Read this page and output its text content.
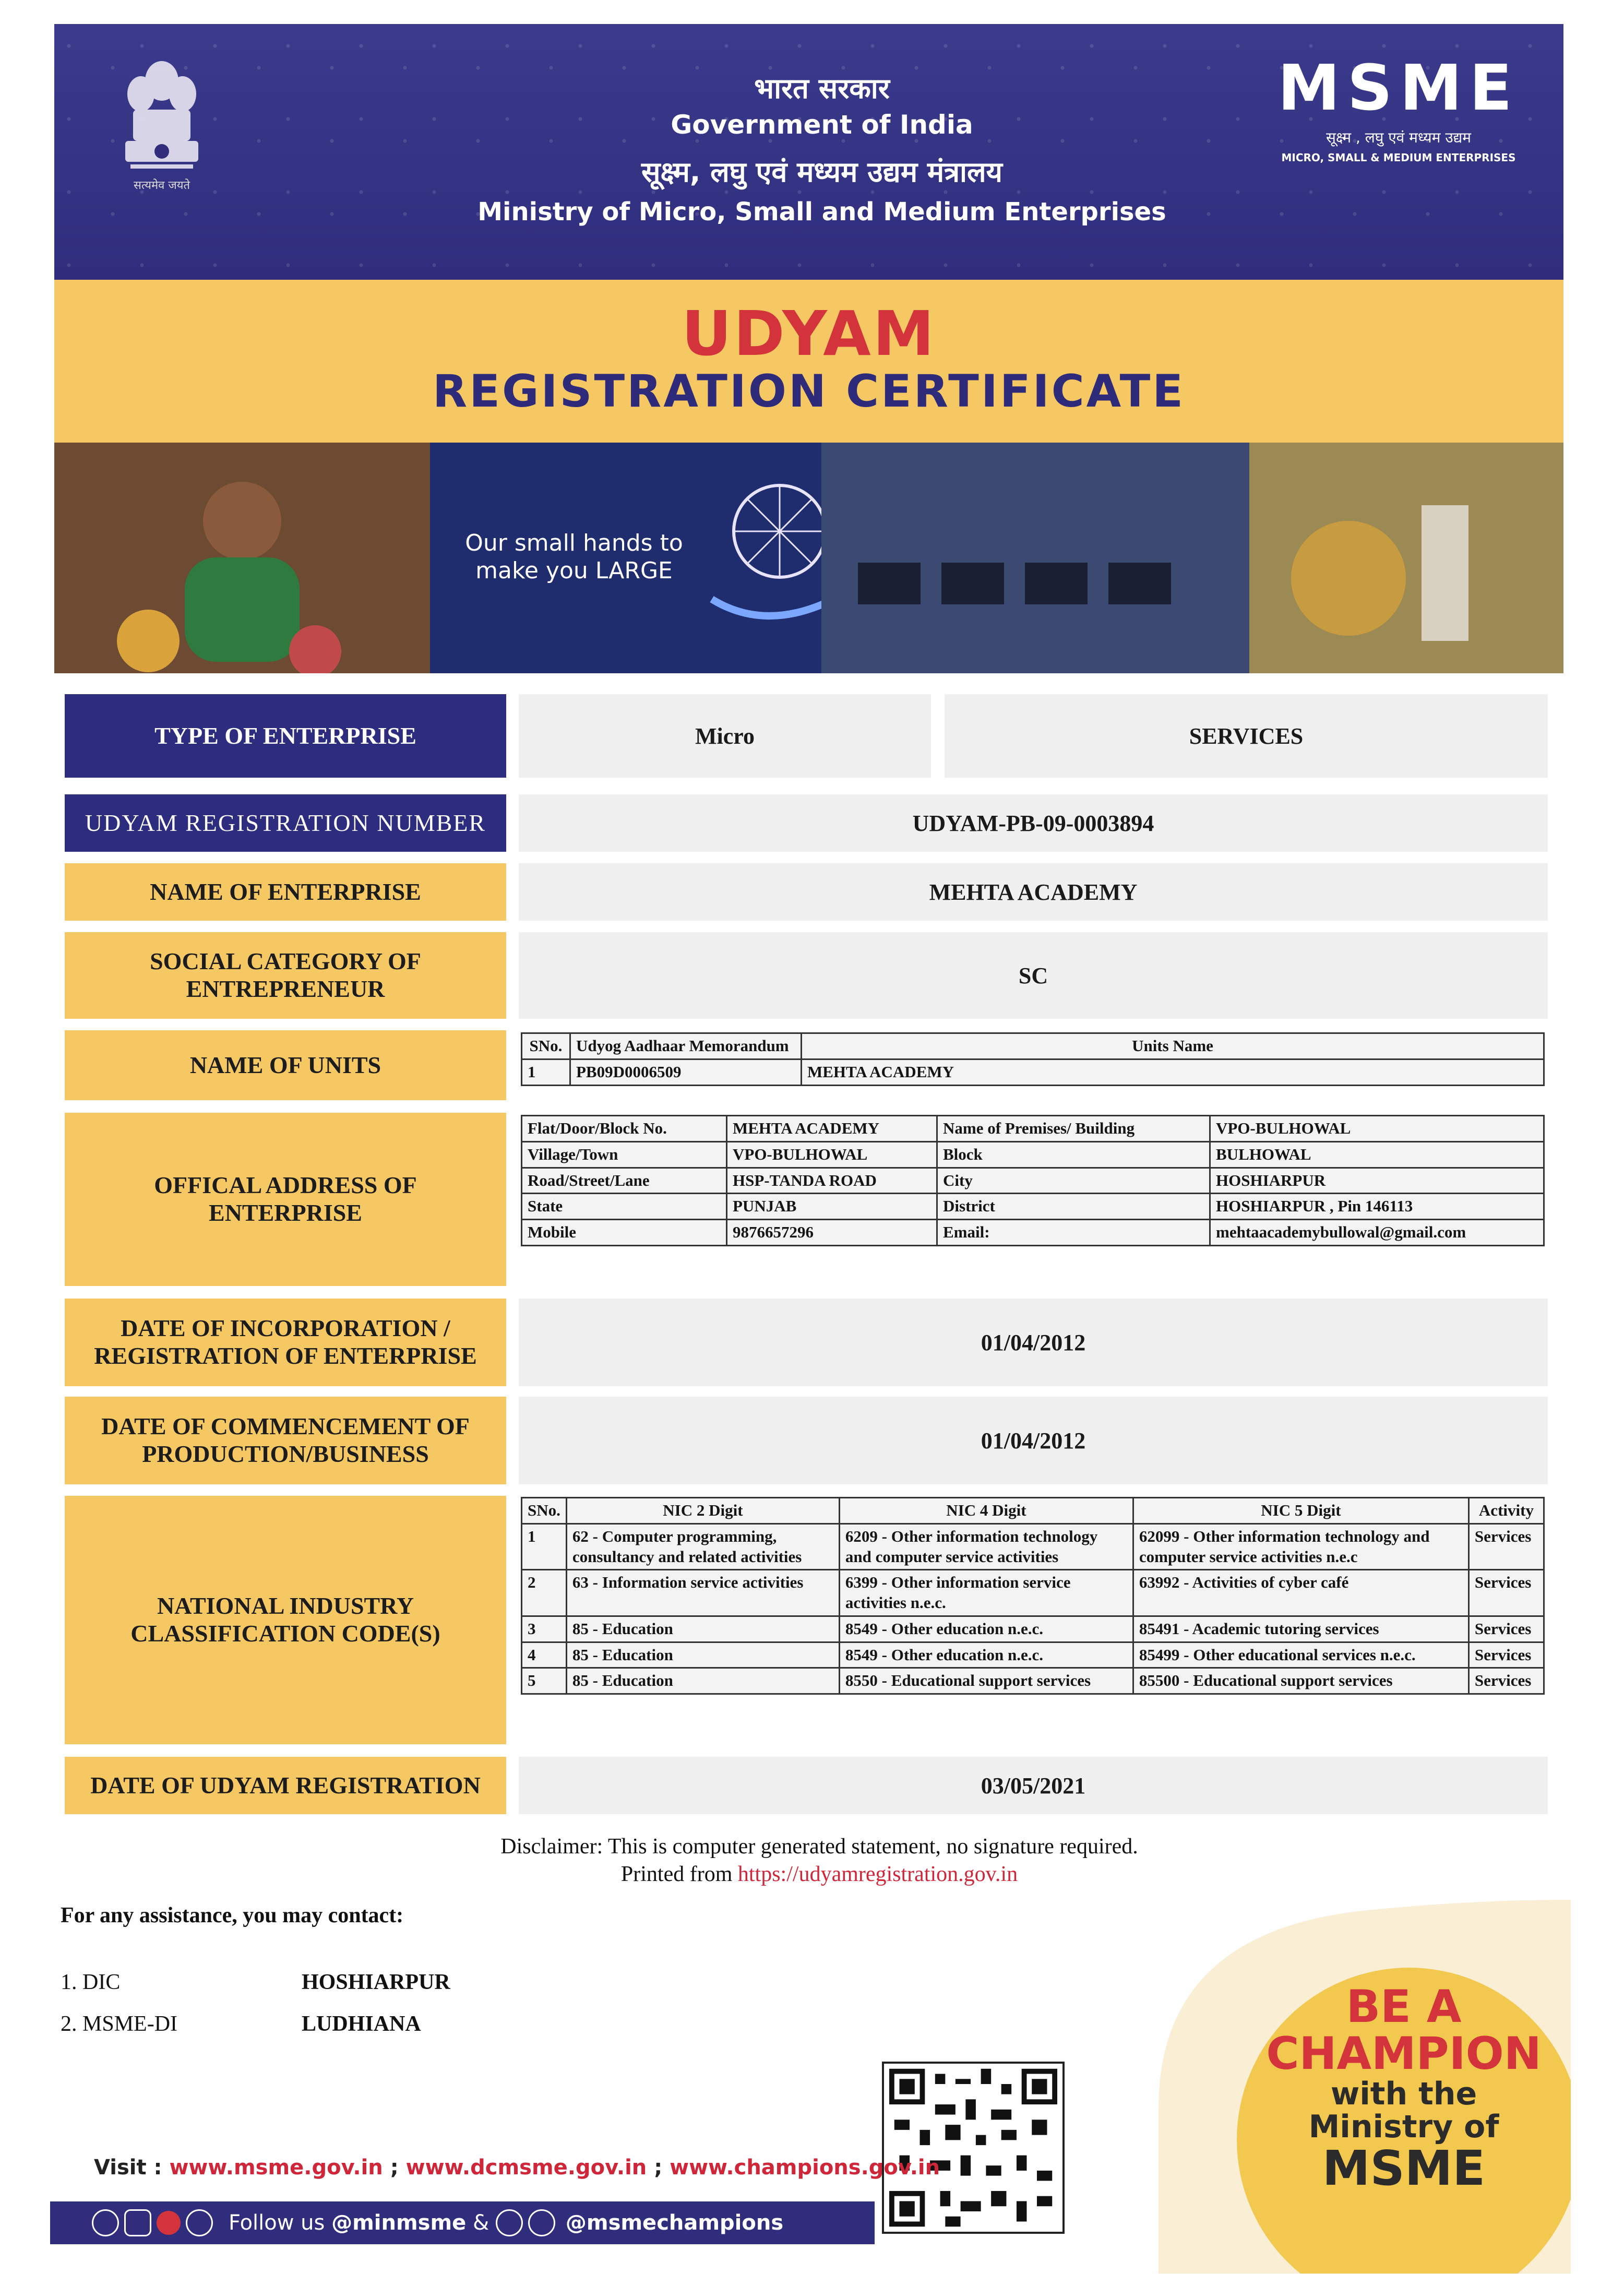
सत्यमेव जयते
भारत सरकार
Government of India
सूक्ष्म, लघु एवं मध्यम उद्यम मंत्रालय
Ministry of Micro, Small and Medium Enterprises
MSME
सूक्ष्म , लघु एवं मध्यम उद्यम
MICRO, SMALL & MEDIUM ENTERPRISES
UDYAM
REGISTRATION CERTIFICATE
Our small hands to
make you LARGE
TYPE OF ENTERPRISE	Micro	SERVICES
UDYAM REGISTRATION NUMBER	UDYAM-PB-09-0003894
NAME OF ENTERPRISE	MEHTA ACADEMY
SOCIAL CATEGORY OF ENTREPRENEUR	SC
NAME OF UNITS
SNo.	Udyog Aadhaar Memorandum	Units Name
1	PB09D0006509	MEHTA ACADEMY
OFFICAL ADDRESS OF ENTERPRISE
Flat/Door/Block No.	MEHTA ACADEMY	Name of Premises/ Building	VPO-BULHOWAL
Village/Town	VPO-BULHOWAL	Block	BULHOWAL
Road/Street/Lane	HSP-TANDA ROAD	City	HOSHIARPUR
State	PUNJAB	District	HOSHIARPUR , Pin 146113
Mobile	9876657296	Email:	mehtaacademybullowal@gmail.com
DATE OF INCORPORATION / REGISTRATION OF ENTERPRISE	01/04/2012
DATE OF COMMENCEMENT OF PRODUCTION/BUSINESS	01/04/2012
NATIONAL INDUSTRY CLASSIFICATION CODE(S)
SNo.	NIC 2 Digit	NIC 4 Digit	NIC 5 Digit	Activity
1	62 - Computer programming, consultancy and related activities	6209 - Other information technology and computer service activities	62099 - Other information technology and computer service activities n.e.c	Services
2	63 - Information service activities	6399 - Other information service activities n.e.c.	63992 - Activities of cyber café	Services
3	85 - Education	8549 - Other education n.e.c.	85491 - Academic tutoring services	Services
4	85 - Education	8549 - Other education n.e.c.	85499 - Other educational services n.e.c.	Services
5	85 - Education	8550 - Educational support services	85500 - Educational support services	Services
DATE OF UDYAM REGISTRATION	03/05/2021
Disclaimer: This is computer generated statement, no signature required.
Printed from https://udyamregistration.gov.in
For any assistance, you may contact:
1. DIC	HOSHIARPUR
2. MSME-DI	LUDHIANA	BE A
CHAMPION
with the
Ministry of
MSME
Visit : www.msme.gov.in ; www.dcmsme.gov.in ; www.champions.gov.in
Follow us
@minmsme &	@msmechampions
